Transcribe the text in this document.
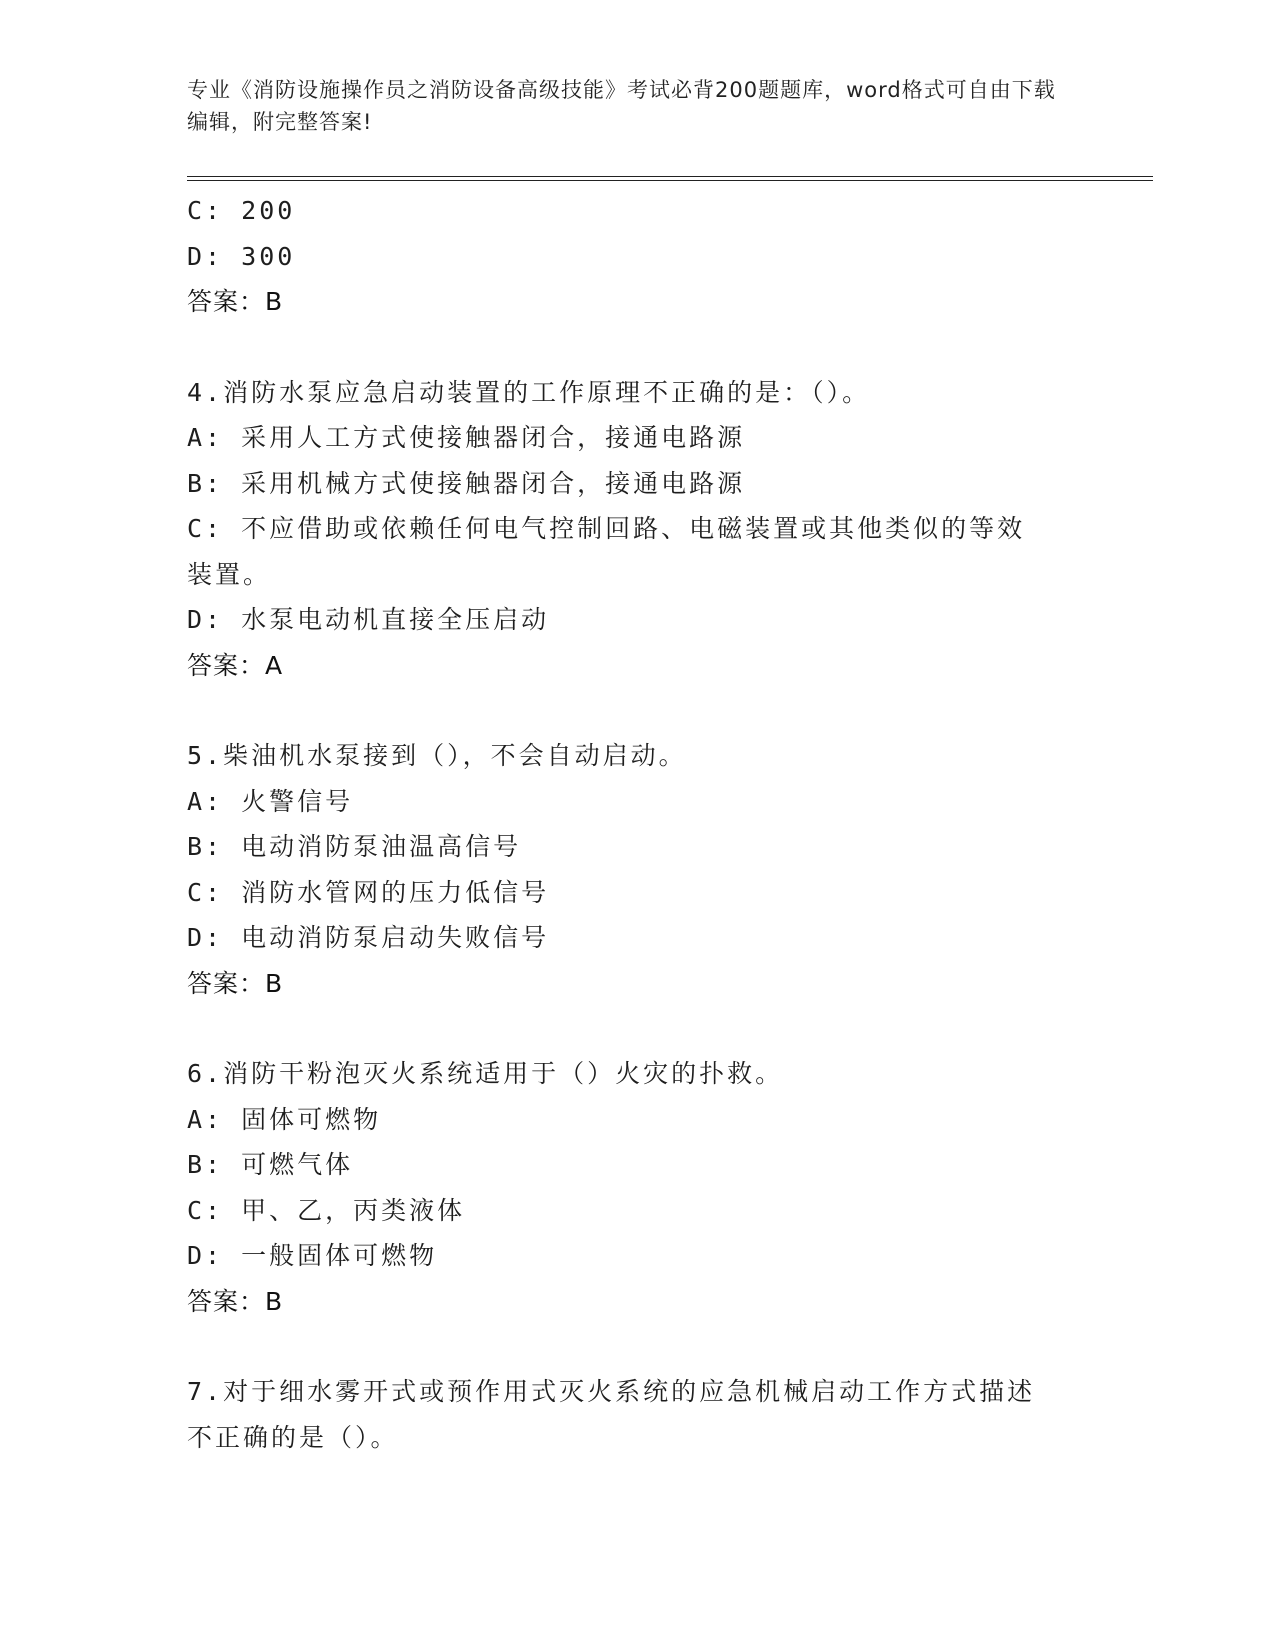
专业《消防设施操作员之消防设备高级技能》考试必背200题题库，word格式可自由下载编辑，附完整答案!
C: 200
D: 300
答案：B
4.消防水泵应急启动装置的工作原理不正确的是：（）。
A: 采用人工方式使接触器闭合，接通电路源
B: 采用机械方式使接触器闭合，接通电路源
C: 不应借助或依赖任何电气控制回路、电磁装置或其他类似的等效装置。
D: 水泵电动机直接全压启动
答案：A
5.柴油机水泵接到（），不会自动启动。
A: 火警信号
B: 电动消防泵油温高信号
C: 消防水管网的压力低信号
D: 电动消防泵启动失败信号
答案：B
6.消防干粉泡灭火系统适用于（）火灾的扑救。
A: 固体可燃物
B: 可燃气体
C: 甲、乙，丙类液体
D: 一般固体可燃物
答案：B
7.对于细水雾开式或预作用式灭火系统的应急机械启动工作方式描述不正确的是（）。
